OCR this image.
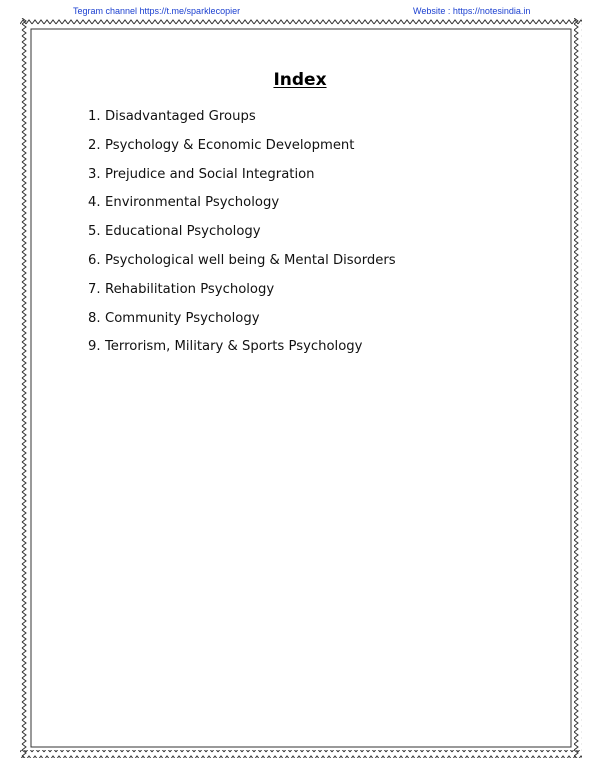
Tegram channel https://t.me/sparklecopier	Website : https://notesindia.in
Index
1. Disadvantaged Groups
2. Psychology & Economic Development
3. Prejudice and Social Integration
4. Environmental Psychology
5. Educational Psychology
6. Psychological well being & Mental Disorders
7. Rehabilitation Psychology
8. Community Psychology
9. Terrorism, Military & Sports Psychology
